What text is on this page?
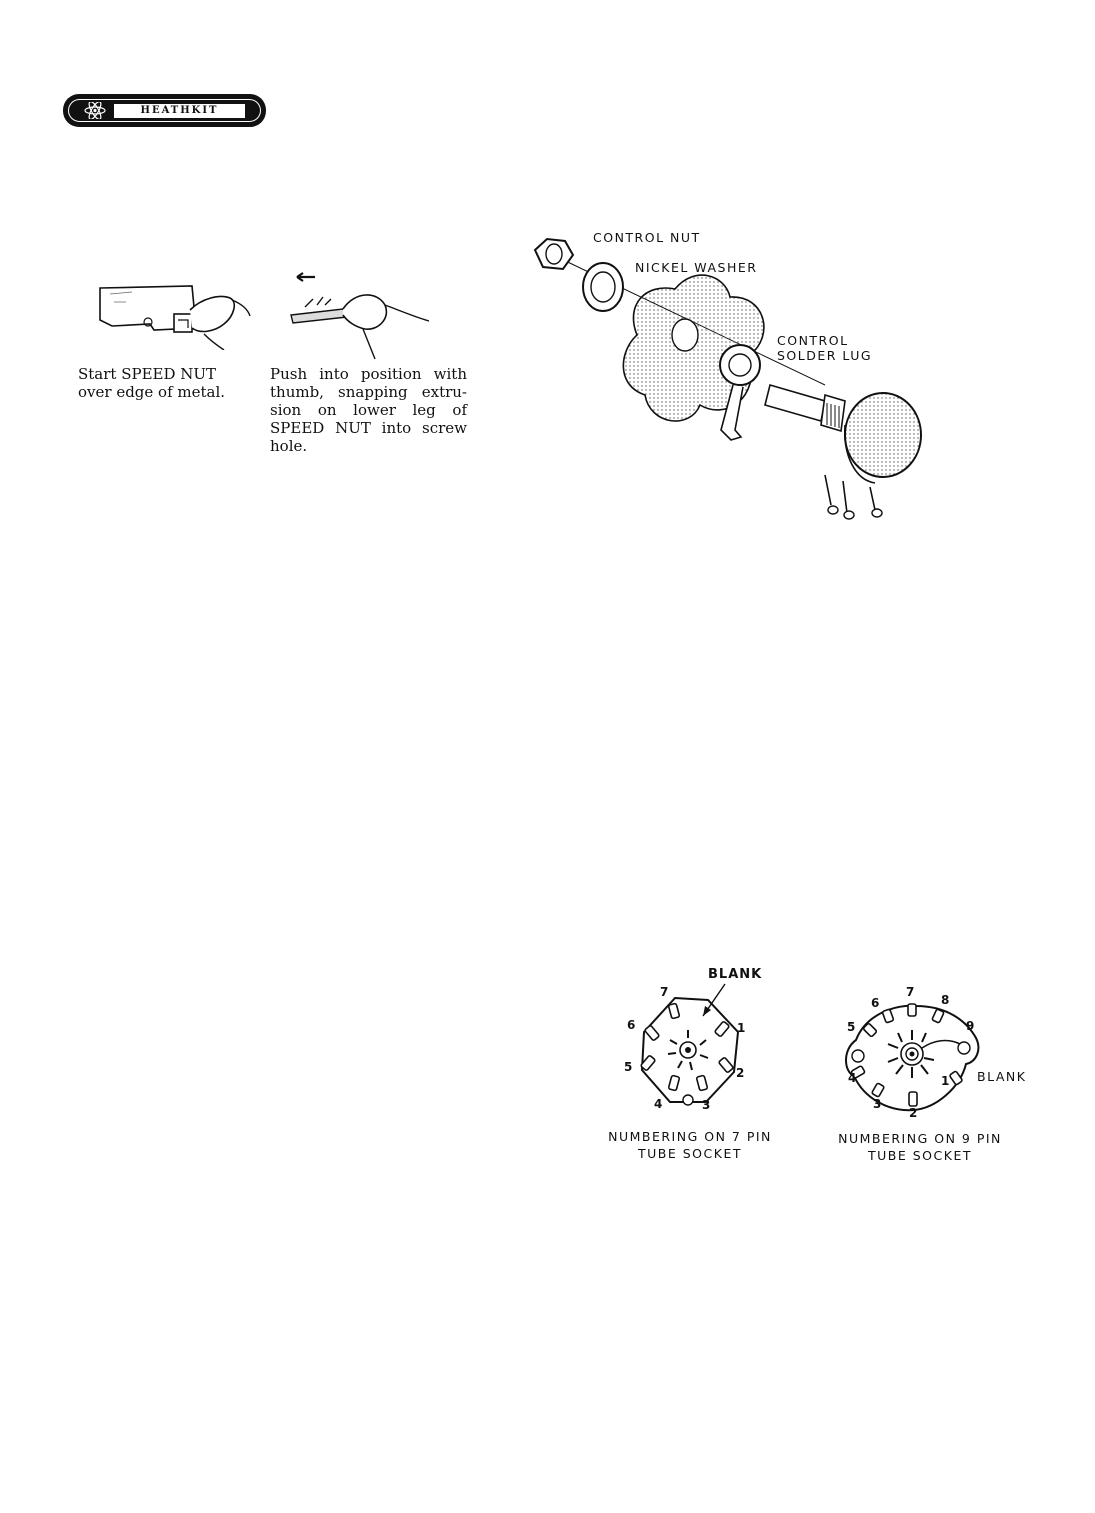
HEATHKIT
Start SPEED NUT over edge of metal.
Push into position with thumb, snapping extru-sion on lower leg of SPEED NUT into screw hole.
CONTROL NUT
NICKEL WASHER
CONTROL
SOLDER LUG
BLANK
1
2
3
4
5
6
7
NUMBERING ON 7 PIN
TUBE SOCKET
1
2
3
4
5
6
7
8
9
BLANK
NUMBERING ON 9 PIN
TUBE SOCKET
